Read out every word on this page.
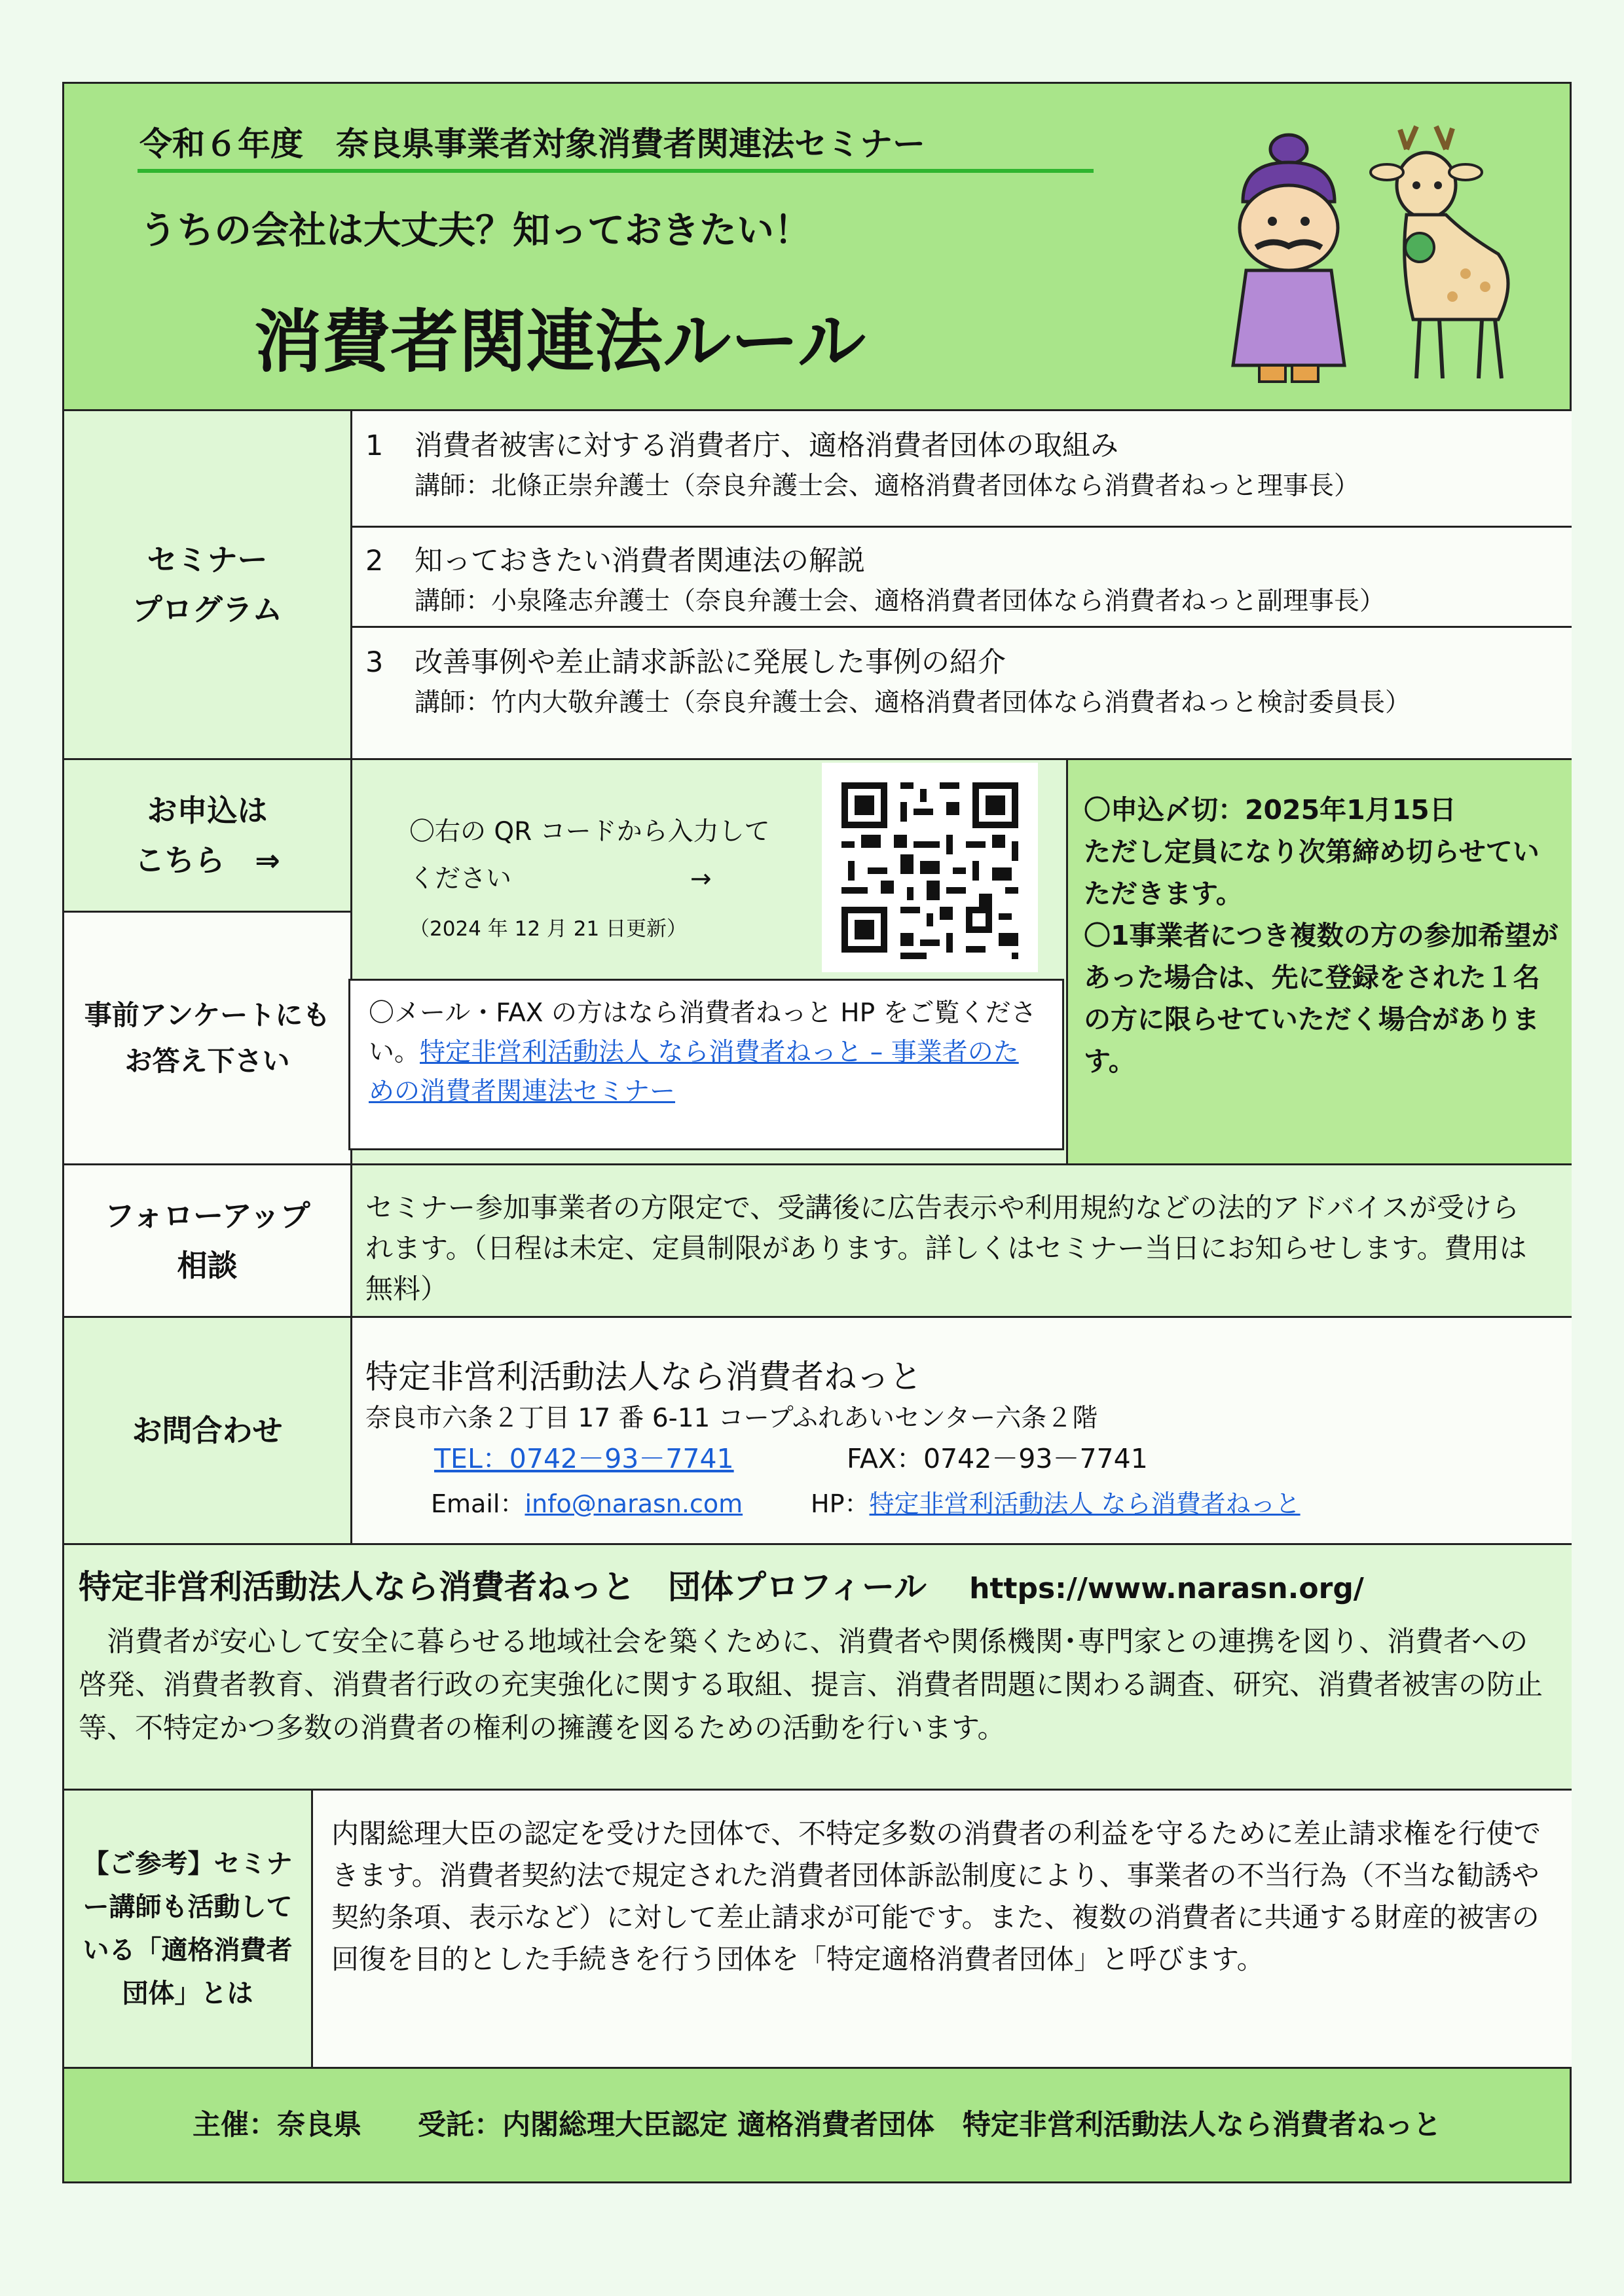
令和６年度　奈良県事業者対象消費者関連法セミナー
うちの会社は大丈夫？知っておきたい！
消費者関連法ルール
セミナー
プログラム
1 消費者被害に対する消費者庁、適格消費者団体の取組み
講師：北條正崇弁護士（奈良弁護士会、適格消費者団体なら消費者ねっと理事長）
2 知っておきたい消費者関連法の解説
講師：小泉隆志弁護士（奈良弁護士会、適格消費者団体なら消費者ねっと副理事長）
3 改善事例や差止請求訴訟に発展した事例の紹介
講師：竹内大敬弁護士（奈良弁護士会、適格消費者団体なら消費者ねっと検討委員長）
お申込は
こちら　⇒
事前アンケートにも
お答え下さい
〇右の QR コードから入力して
ください　　　　　　　→
（2024 年 12 月 21 日更新）
〇メール・FAX の方はなら消費者ねっと HP をご覧ください。特定非営利活動法人 なら消費者ねっと – 事業者のための消費者関連法セミナー
〇申込〆切：2025年1月15日
ただし定員になり次第締め切らせていただきます。
〇1事業者につき複数の方の参加希望があった場合は、先に登録をされた１名の方に限らせていただく場合があります。
フォローアップ
相談
セミナー参加事業者の方限定で、受講後に広告表示や利用規約などの法的アドバイスが受けられます。（日程は未定、定員制限があります。詳しくはセミナー当日にお知らせします。費用は無料）
お問合わせ
特定非営利活動法人なら消費者ねっと
奈良市六条２丁目 17 番 6-11 コープふれあいセンター六条２階
TEL：0742－93－7741	FAX：0742－93－7741
Email：info@narasn.com	HP：特定非営利活動法人 なら消費者ねっと
特定非営利活動法人なら消費者ねっと　団体プロフィール https://www.narasn.org/
　消費者が安心して安全に暮らせる地域社会を築くために、消費者や関係機関･専門家との連携を図り、消費者への啓発、消費者教育、消費者行政の充実強化に関する取組、提言、消費者問題に関わる調査、研究、消費者被害の防止等、不特定かつ多数の消費者の権利の擁護を図るための活動を行います。
【ご参考】セミナー講師も活動している「適格消費者団体」とは
内閣総理大臣の認定を受けた団体で、不特定多数の消費者の利益を守るために差止請求権を行使できます。消費者契約法で規定された消費者団体訴訟制度により、事業者の不当行為（不当な勧誘や契約条項、表示など）に対して差止請求が可能です。また、複数の消費者に共通する財産的被害の回復を目的とした手続きを行う団体を「特定適格消費者団体」と呼びます。
主催：奈良県　　受託：内閣総理大臣認定 適格消費者団体　特定非営利活動法人なら消費者ねっと
